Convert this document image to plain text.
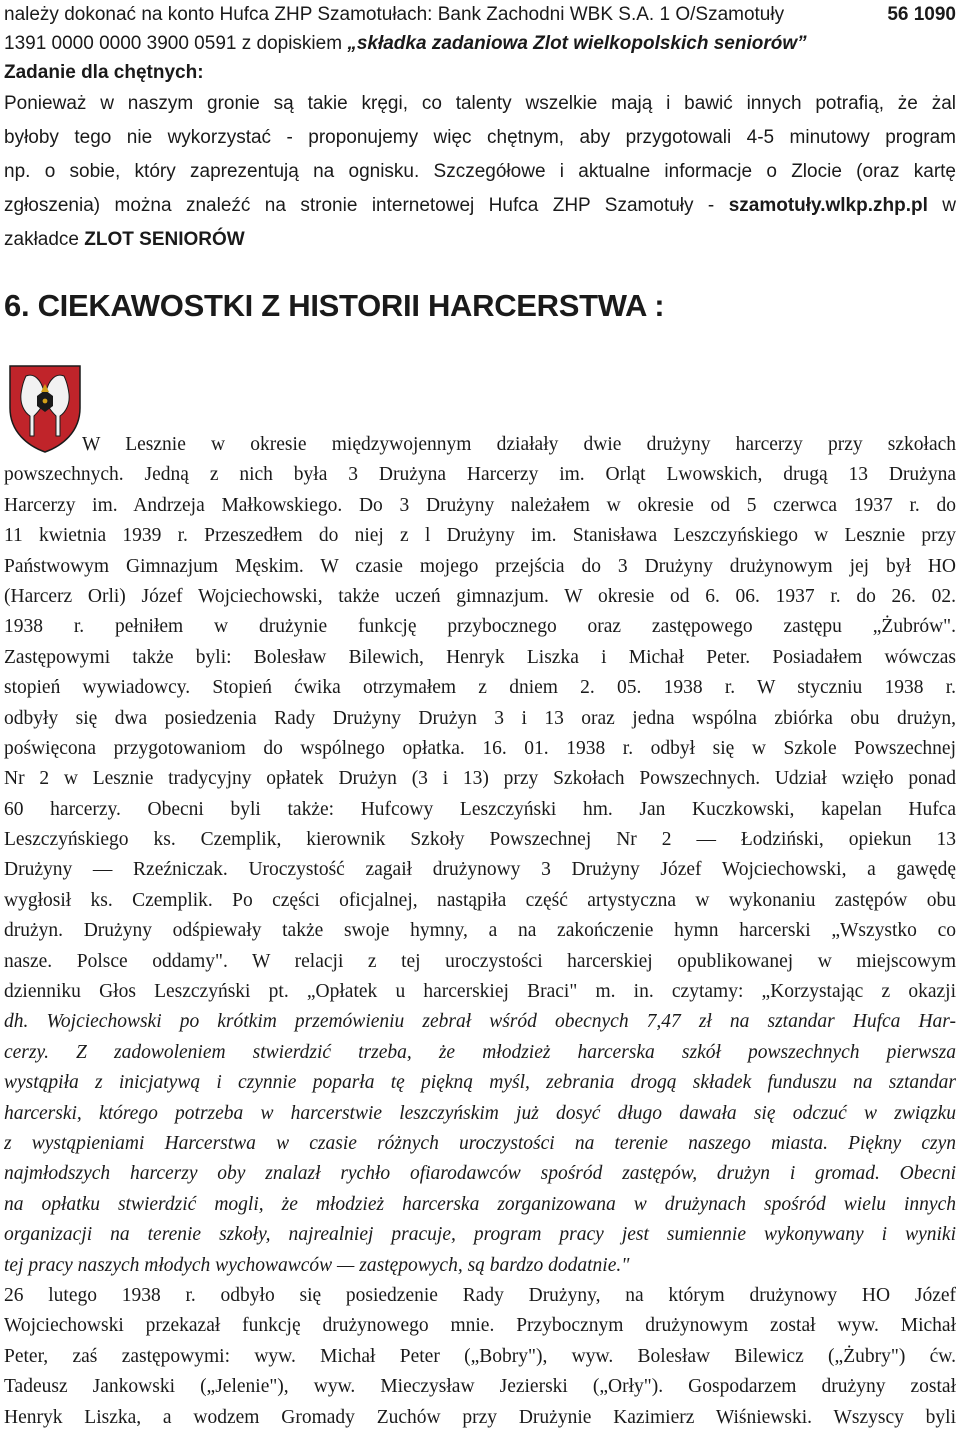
należy dokonać na konto Hufca ZHP Szamotułach: Bank Zachodni WBK S.A. 1 O/Szamotuły	56 1090
1391 0000 0000 3900 0591 z dopiskiem „składka zadaniowa Zlot wielkopolskich seniorów”
Zadanie dla chętnych:
Ponieważ w naszym gronie są takie kręgi, co talenty wszelkie mają i bawić innych potrafią, że żal
byłoby tego nie wykorzystać - proponujemy więc chętnym, aby przygotowali 4-5 minutowy program
np. o sobie, który zaprezentują na ognisku. Szczegółowe i aktualne informacje o Zlocie (oraz kartę
zgłoszenia) można znaleźć na stronie internetowej Hufca ZHP Szamotuły - szamotuły.wlkp.zhp.pl w
zakładce ZLOT SENIORÓW
6. CIEKAWOSTKI Z HISTORII HARCERSTWA :
W Lesznie w okresie międzywojennym działały dwie drużyny harcerzy przy szkołach
powszechnych. Jedną z nich była 3 Drużyna Harcerzy im. Orląt Lwowskich, drugą 13 Drużyna
Harcerzy im. Andrzeja Małkowskiego. Do 3 Drużyny należałem w okresie od 5 czerwca 1937 r. do
11 kwietnia 1939 r. Przeszedłem do niej z l Drużyny im. Stanisława Leszczyńskiego w Lesznie przy
Państwowym Gimnazjum Męskim. W czasie mojego przejścia do 3 Drużyny drużynowym jej był HO
(Harcerz Orli) Józef Wojciechowski, także uczeń gimnazjum. W okresie od 6. 06. 1937 r. do 26. 02.
1938 r. pełniłem w drużynie funkcję przybocznego oraz zastępowego zastępu „Żubrów".
Zastępowymi także byli: Bolesław Bilewich, Henryk Liszka i Michał Peter. Posiadałem wówczas
stopień wywiadowcy. Stopień ćwika otrzymałem z dniem 2. 05. 1938 r. W styczniu 1938 r.
odbyły się dwa posiedzenia Rady Drużyny Drużyn 3 i 13 oraz jedna wspólna zbiórka obu drużyn,
poświęcona przygotowaniom do wspólnego opłatka. 16. 01. 1938 r. odbył się w Szkole Powszechnej
Nr 2 w Lesznie tradycyjny opłatek Drużyn (3 i 13) przy Szkołach Powszechnych. Udział wzięło ponad
60 harcerzy. Obecni byli także: Hufcowy Leszczyński hm. Jan Kuczkowski, kapelan Hufca
Leszczyńskiego ks. Czemplik, kierownik Szkoły Powszechnej Nr 2 — Łodziński, opiekun 13
Drużyny — Rzeźniczak. Uroczystość zagaił drużynowy 3 Drużyny Józef Wojciechowski, a gawędę
wygłosił ks. Czemplik. Po części oficjalnej, nastąpiła część artystyczna w wykonaniu zastępów obu
drużyn. Drużyny odśpiewały także swoje hymny, a na zakończenie hymn harcerski „Wszystko co
nasze. Polsce oddamy". W relacji z tej uroczystości harcerskiej opublikowanej w miejscowym
dzienniku Głos Leszczyński pt. „Opłatek u harcerskiej Braci" m. in. czytamy: „Korzystając z okazji
dh. Wojciechowski po krótkim przemówieniu zebrał wśród obecnych 7,47 zł na sztandar Hufca Har-
cerzy. Z zadowoleniem stwierdzić trzeba, że młodzież harcerska szkół powszechnych pierwsza
wystąpiła z inicjatywą i czynnie poparła tę piękną myśl, zebrania drogą składek funduszu na sztandar
harcerski, którego potrzeba w harcerstwie leszczyńskim już dosyć długo dawała się odczuć w związku
z wystąpieniami Harcerstwa w czasie różnych uroczystości na terenie naszego miasta. Piękny czyn
najmłodszych harcerzy oby znalazł rychło ofiarodawców spośród zastępów, drużyn i gromad. Obecni
na opłatku stwierdzić mogli, że młodzież harcerska zorganizowana w drużynach spośród wielu innych
organizacji na terenie szkoły, najrealniej pracuje, program pracy jest sumiennie wykonywany i wyniki
tej pracy naszych młodych wychowawców — zastępowych, są bardzo dodatnie."
26 lutego 1938 r. odbyło się posiedzenie Rady Drużyny, na którym drużynowy HO Józef
Wojciechowski przekazał funkcję drużynowego mnie. Przybocznym drużynowym został wyw. Michał
Peter, zaś zastępowymi: wyw. Michał Peter („Bobry"), wyw. Bolesław Bilewicz („Żubry") ćw.
Tadeusz Jankowski („Jelenie"), wyw. Mieczysław Jezierski („Orły"). Gospodarzem drużyny został
Henryk Liszka, a wodzem Gromady Zuchów przy Drużynie Kazimierz Wiśniewski. Wszyscy byli
